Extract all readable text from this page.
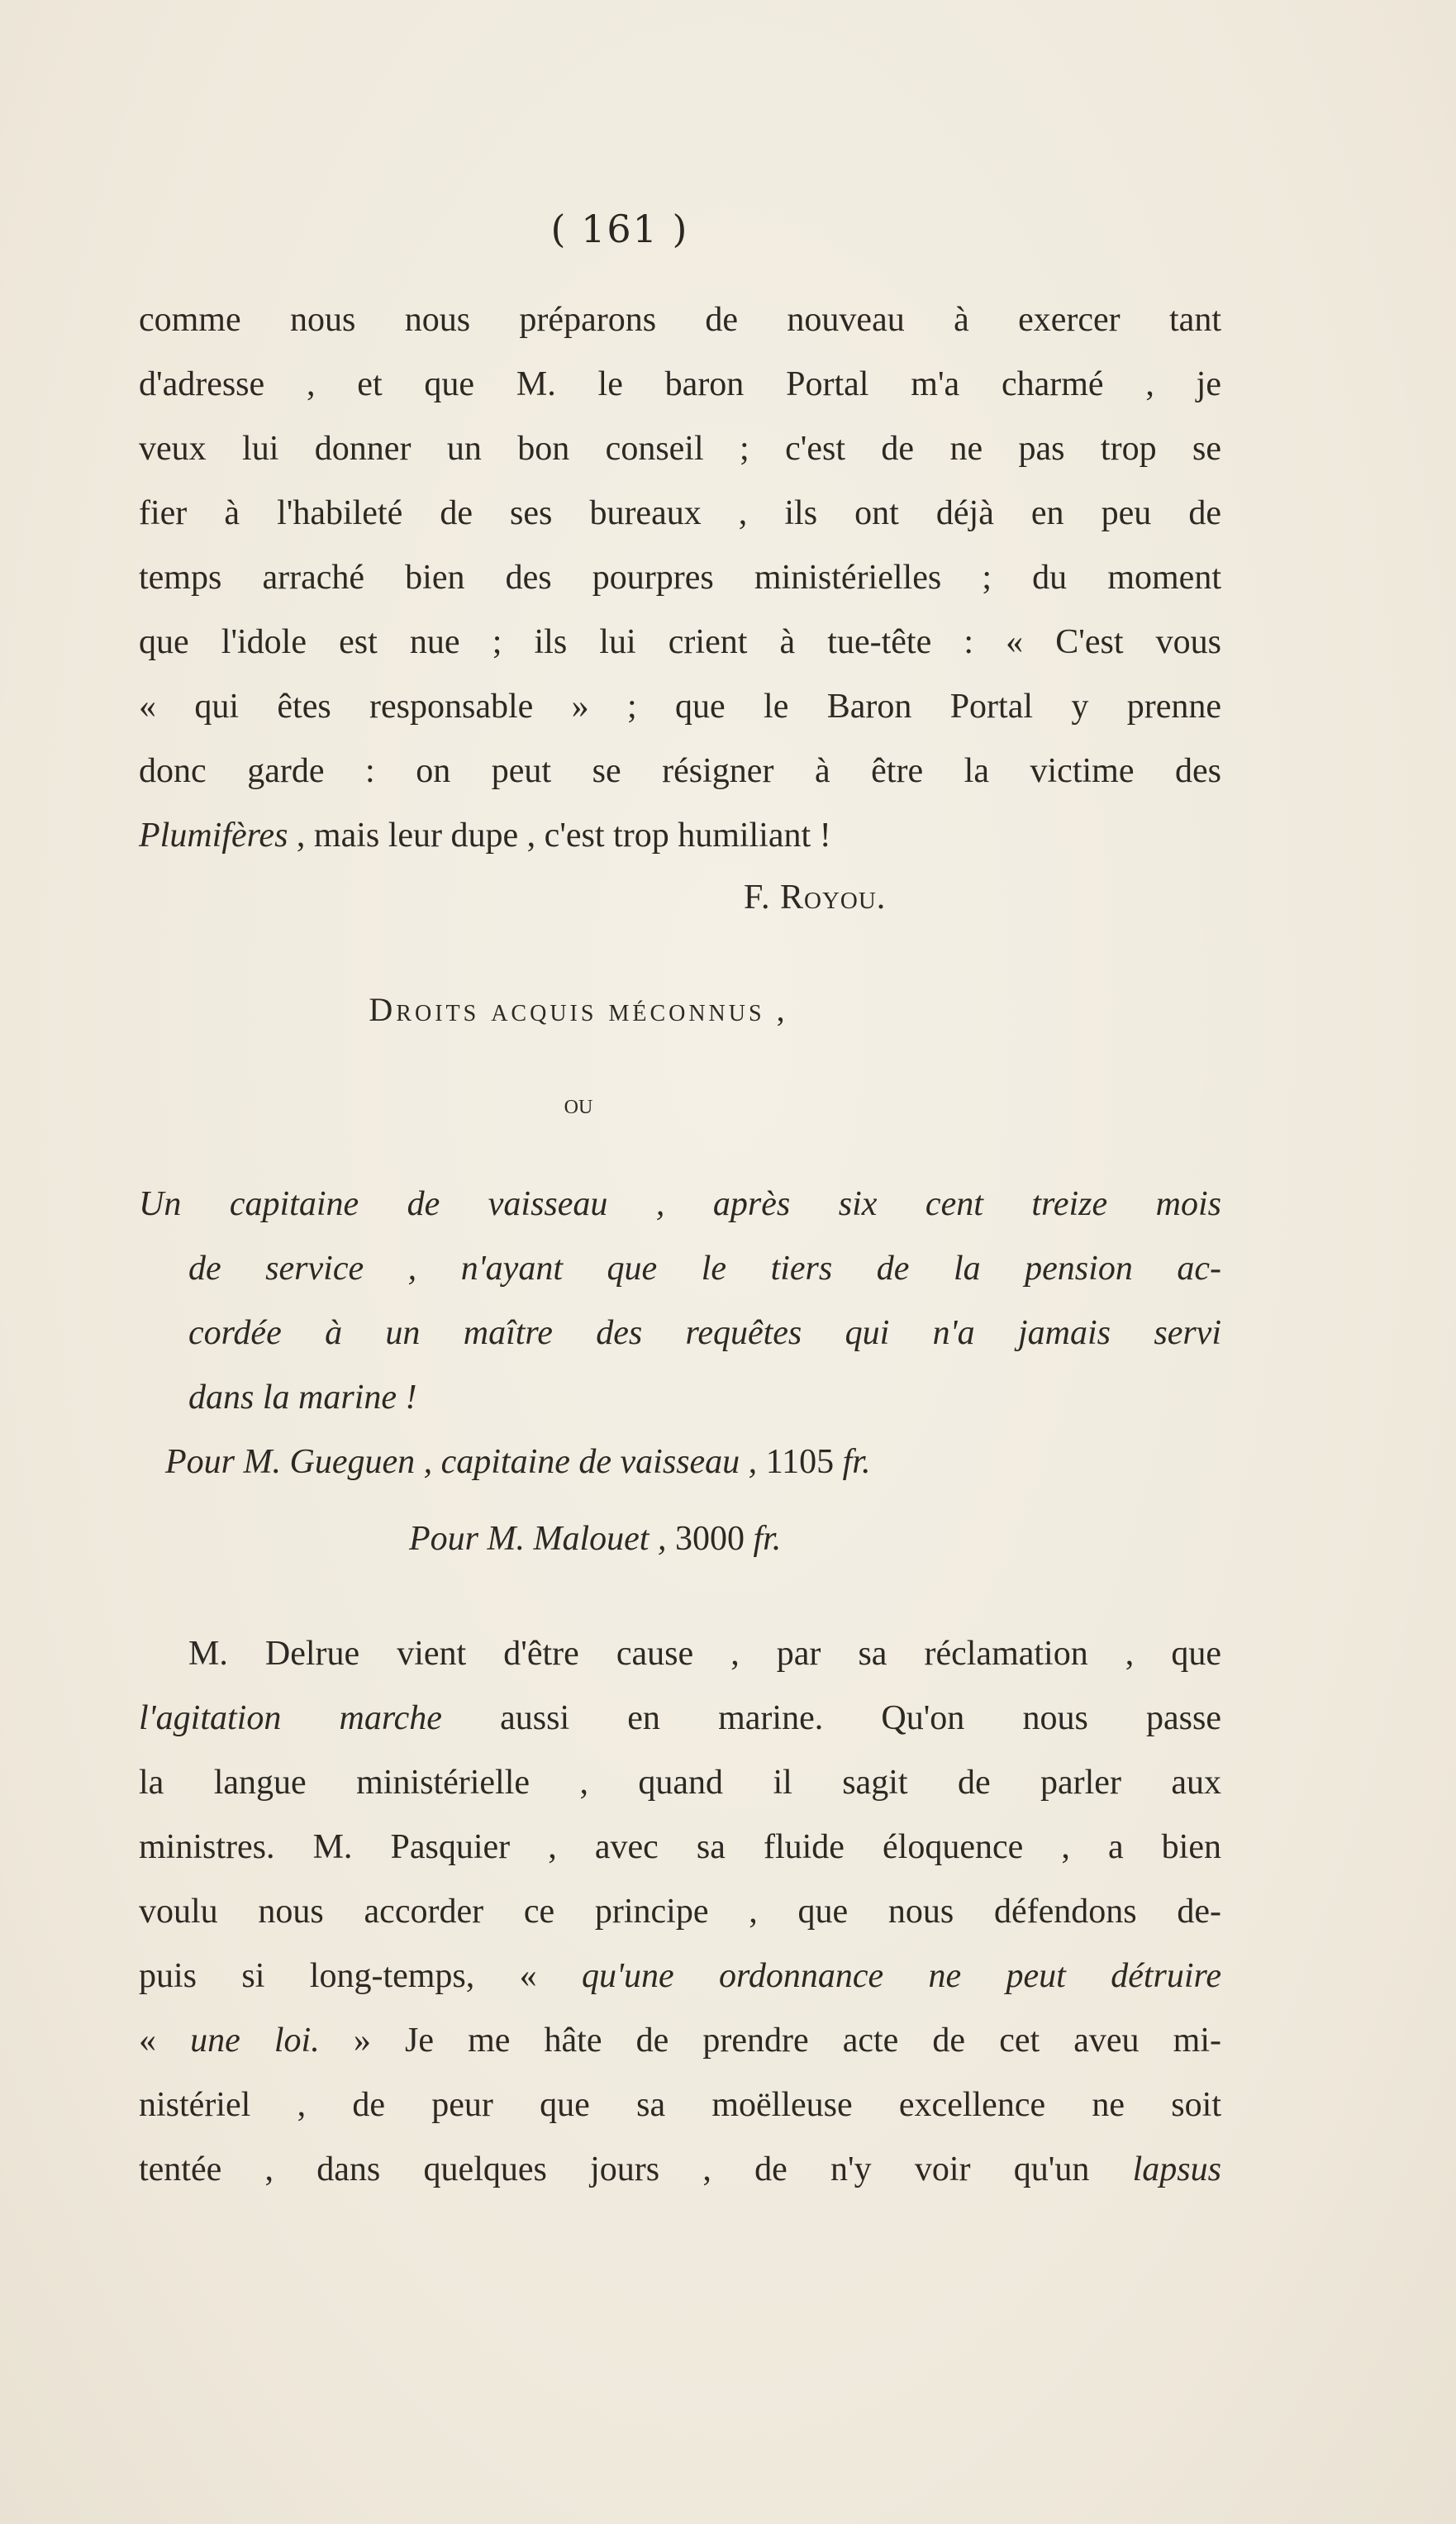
( 161 )
comme nous nous préparons de nouveau à exercer tant
d'adresse , et que M. le baron Portal m'a charmé , je
veux lui donner un bon conseil ; c'est de ne pas trop se
fier à l'habileté de ses bureaux , ils ont déjà en peu de
temps arraché bien des pourpres ministérielles ; du moment
que l'idole est nue ; ils lui crient à tue-tête : « C'est vous
« qui êtes responsable » ; que le Baron Portal y prenne
donc garde : on peut se résigner à être la victime des
Plumifères , mais leur dupe , c'est trop humiliant !
F. Royou.
Droits acquis méconnus ,
ou
Un capitaine de vaisseau , après six cent treize mois
de service , n'ayant que le tiers de la pension ac-
cordée à un maître des requêtes qui n'a jamais servi
dans la marine !
Pour M. Gueguen , capitaine de vaisseau , 1105 fr.
Pour M. Malouet , 3000 fr.
M. Delrue vient d'être cause , par sa réclamation , que
l'agitation marche aussi en marine. Qu'on nous passe
la langue ministérielle , quand il sagit de parler aux
ministres. M. Pasquier , avec sa fluide éloquence , a bien
voulu nous accorder ce principe , que nous défendons de-
puis si long-temps, « qu'une ordonnance ne peut détruire
« une loi. » Je me hâte de prendre acte de cet aveu mi-
nistériel , de peur que sa moëlleuse excellence ne soit
tentée , dans quelques jours , de n'y voir qu'un lapsus
